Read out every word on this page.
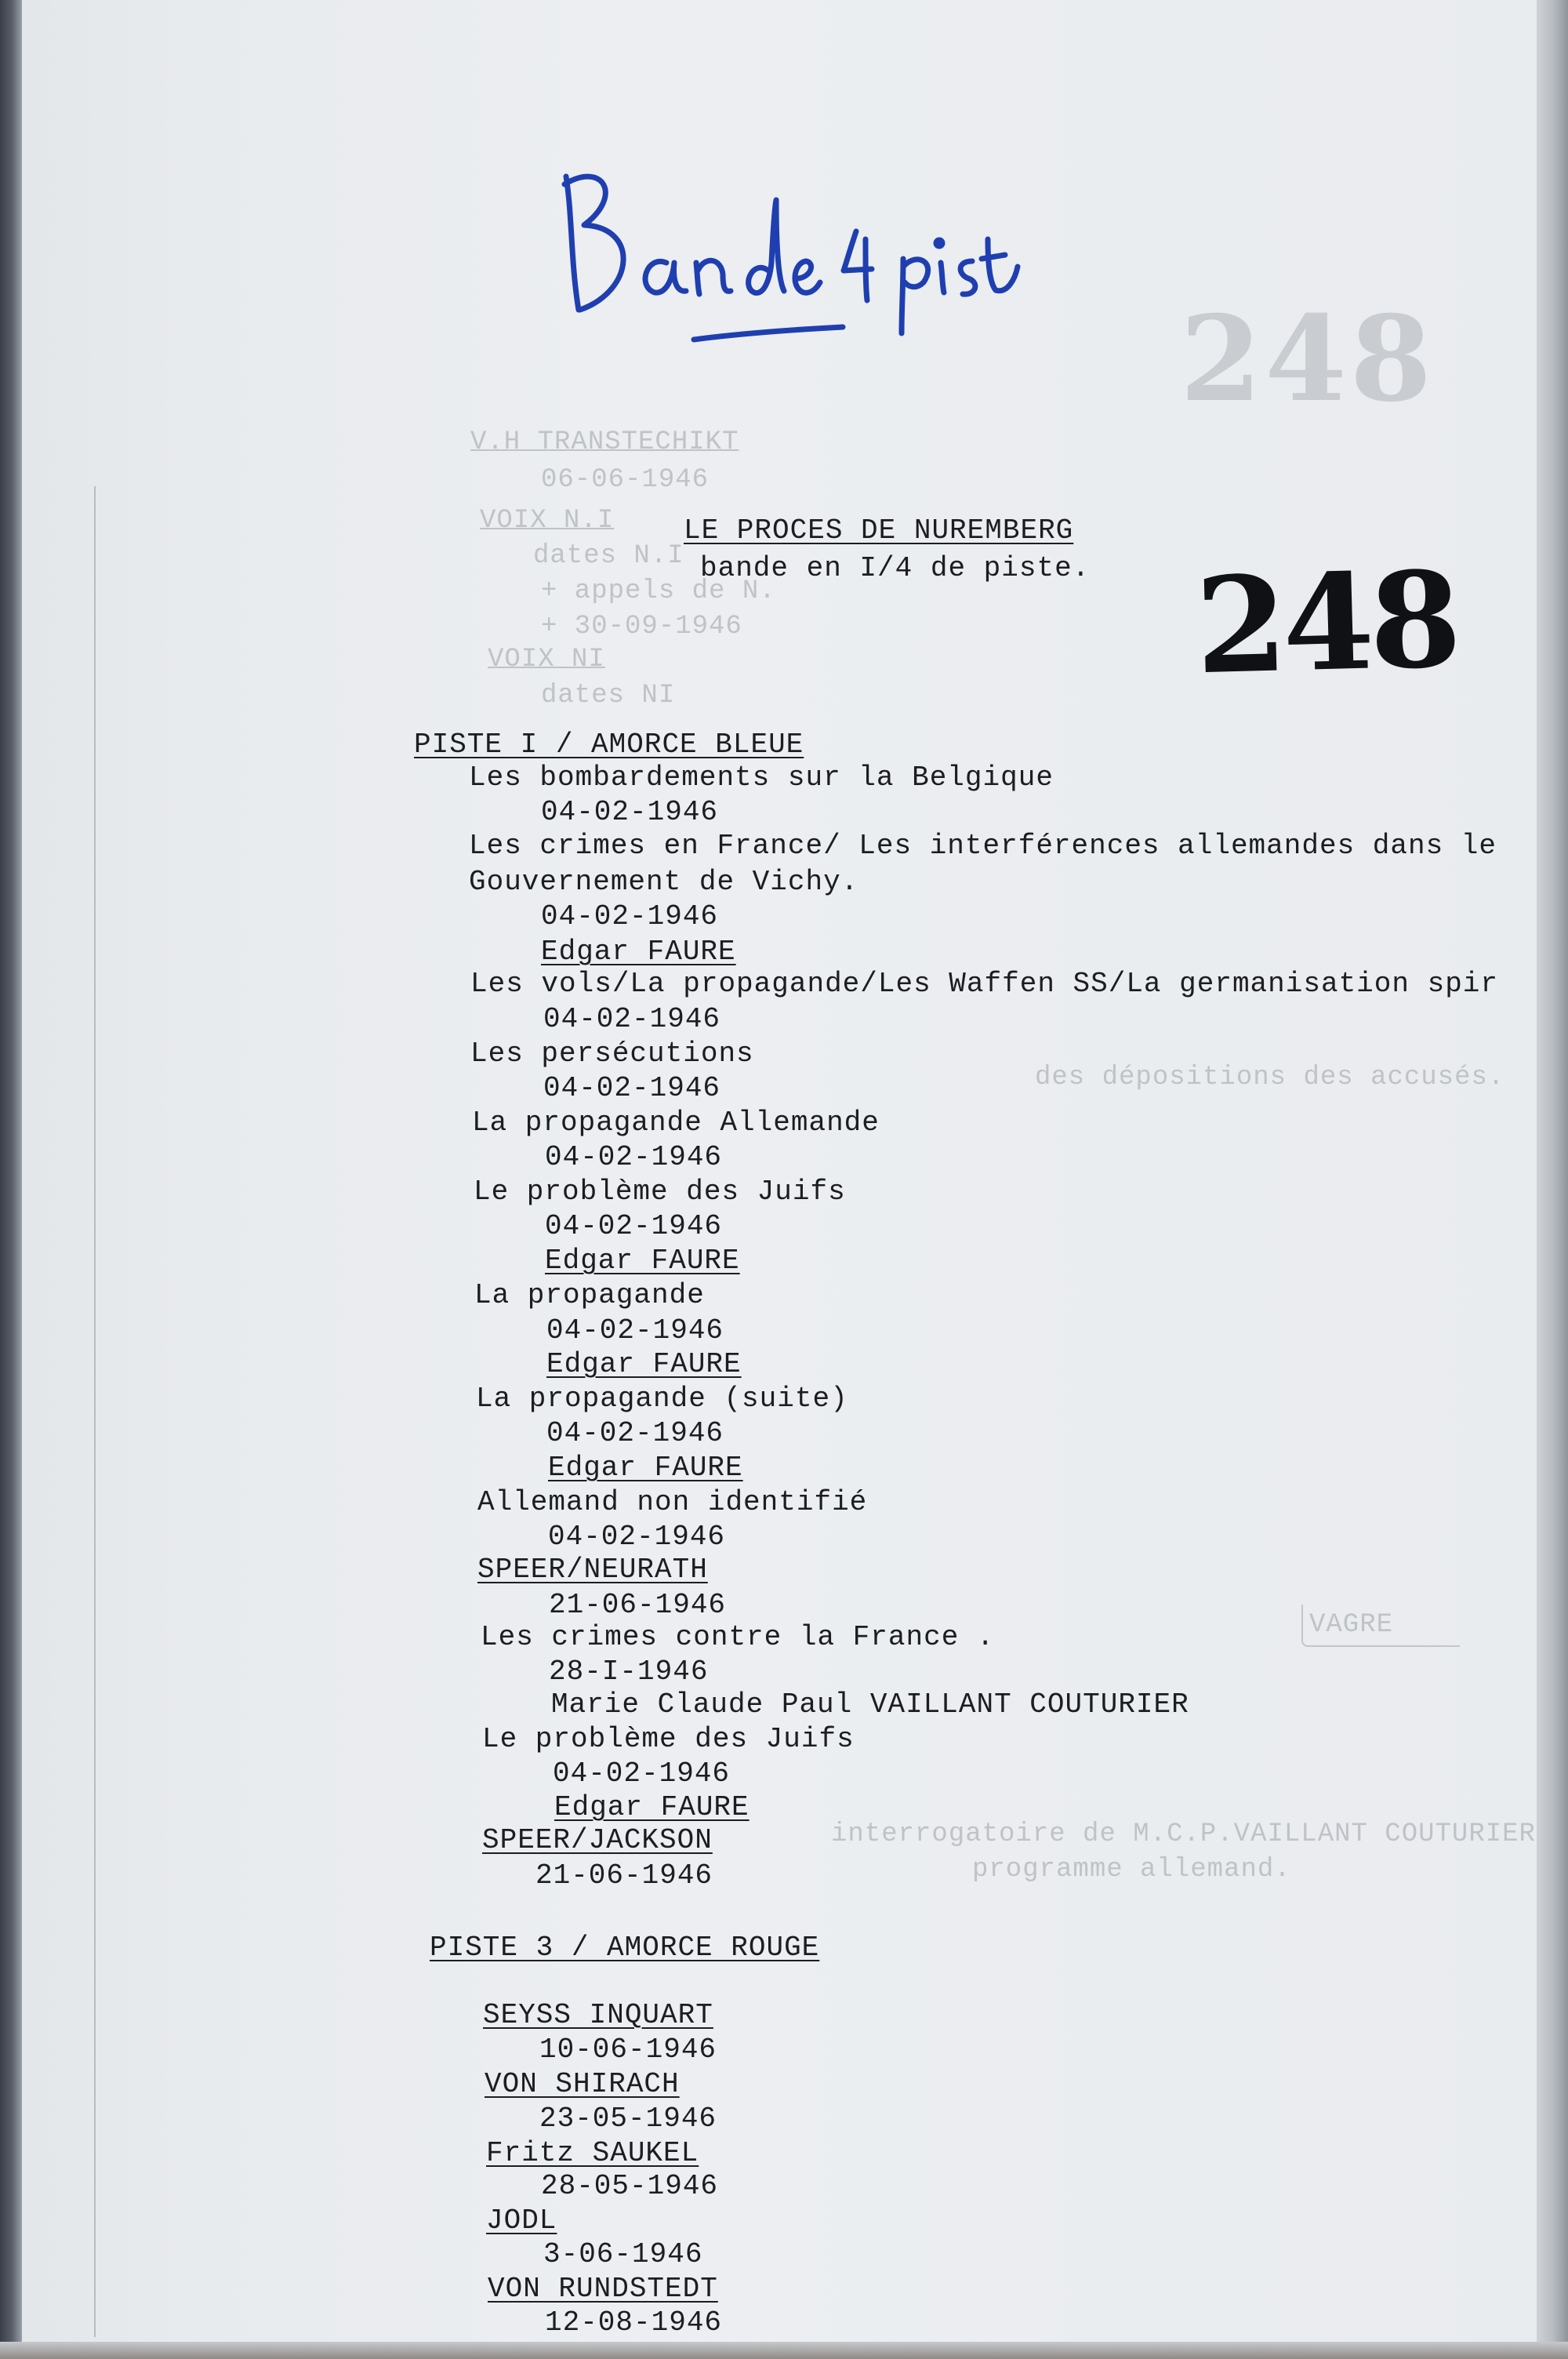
248
V.H TRANSTECHIKT
06-06-1946
VOIX N.I
dates N.I
+ appels de N.
+ 30-09-1946
VOIX NI
dates NI
des dépositions des accusés.
VAGRE
interrogatoire de M.C.P.VAILLANT COUTURIER
programme allemand.
LE PROCES DE NUREMBERG
bande en I/4 de piste. 248
PISTE I / AMORCE BLEUE
Les bombardements sur la Belgique
04-02-1946
Les crimes en France/ Les interférences allemandes dans le
Gouvernement de Vichy.
04-02-1946
Edgar FAURE
Les vols/La propagande/Les Waffen SS/La germanisation spir
04-02-1946
Les persécutions
04-02-1946
La propagande Allemande
04-02-1946
Le problème des Juifs
04-02-1946
Edgar FAURE
La propagande
04-02-1946
Edgar FAURE
La propagande (suite)
04-02-1946
Edgar FAURE
Allemand non identifié
04-02-1946
SPEER/NEURATH
21-06-1946
Les crimes contre la France .
28-I-1946
Marie Claude Paul VAILLANT COUTURIER
Le problème des Juifs
04-02-1946
Edgar FAURE
SPEER/JACKSON
21-06-1946
PISTE 3 / AMORCE ROUGE
SEYSS INQUART
10-06-1946
VON SHIRACH
23-05-1946
Fritz SAUKEL
28-05-1946
JODL
3-06-1946
VON RUNDSTEDT
12-08-1946
